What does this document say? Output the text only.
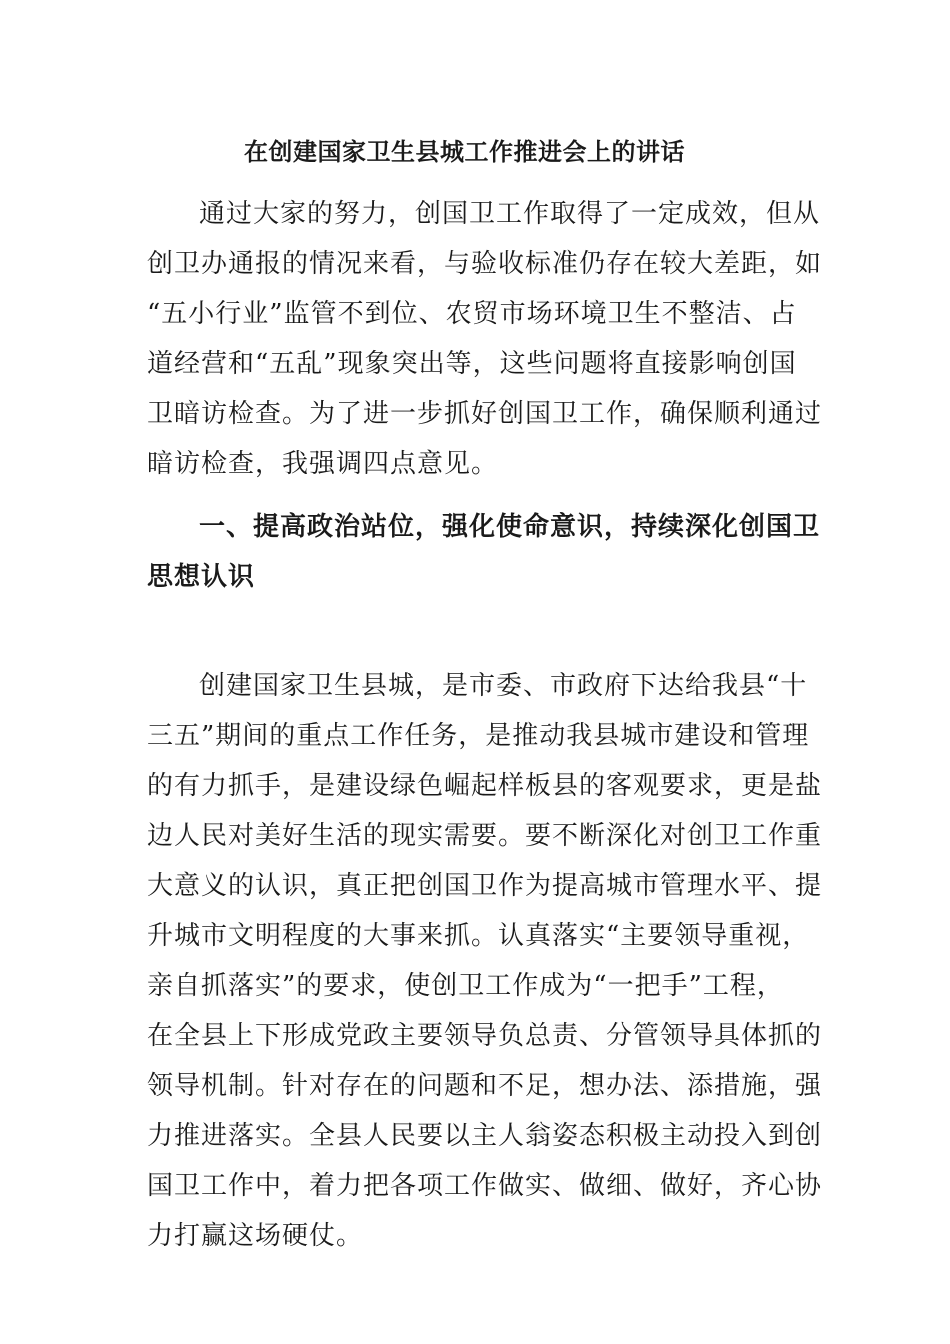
在创建国家卫生县城工作推进会上的讲话
通过大家的努力，创国卫工作取得了一定成效，但从
创卫办通报的情况来看，与验收标准仍存在较大差距，如
“五小行业”监管不到位、农贸市场环境卫生不整洁、占
道经营和“五乱”现象突出等，这些问题将直接影响创国
卫暗访检查。为了进一步抓好创国卫工作，确保顺利通过
暗访检查，我强调四点意见。
一、提高政治站位，强化使命意识，持续深化创国卫
思想认识
创建国家卫生县城，是市委、市政府下达给我县“十
三五”期间的重点工作任务，是推动我县城市建设和管理
的有力抓手，是建设绿色崛起样板县的客观要求，更是盐
边人民对美好生活的现实需要。要不断深化对创卫工作重
大意义的认识，真正把创国卫作为提高城市管理水平、提
升城市文明程度的大事来抓。认真落实“主要领导重视，
亲自抓落实”的要求，使创卫工作成为“一把手”工程，
在全县上下形成党政主要领导负总责、分管领导具体抓的
领导机制。针对存在的问题和不足，想办法、添措施，强
力推进落实。全县人民要以主人翁姿态积极主动投入到创
国卫工作中，着力把各项工作做实、做细、做好，齐心协
力打赢这场硬仗。
